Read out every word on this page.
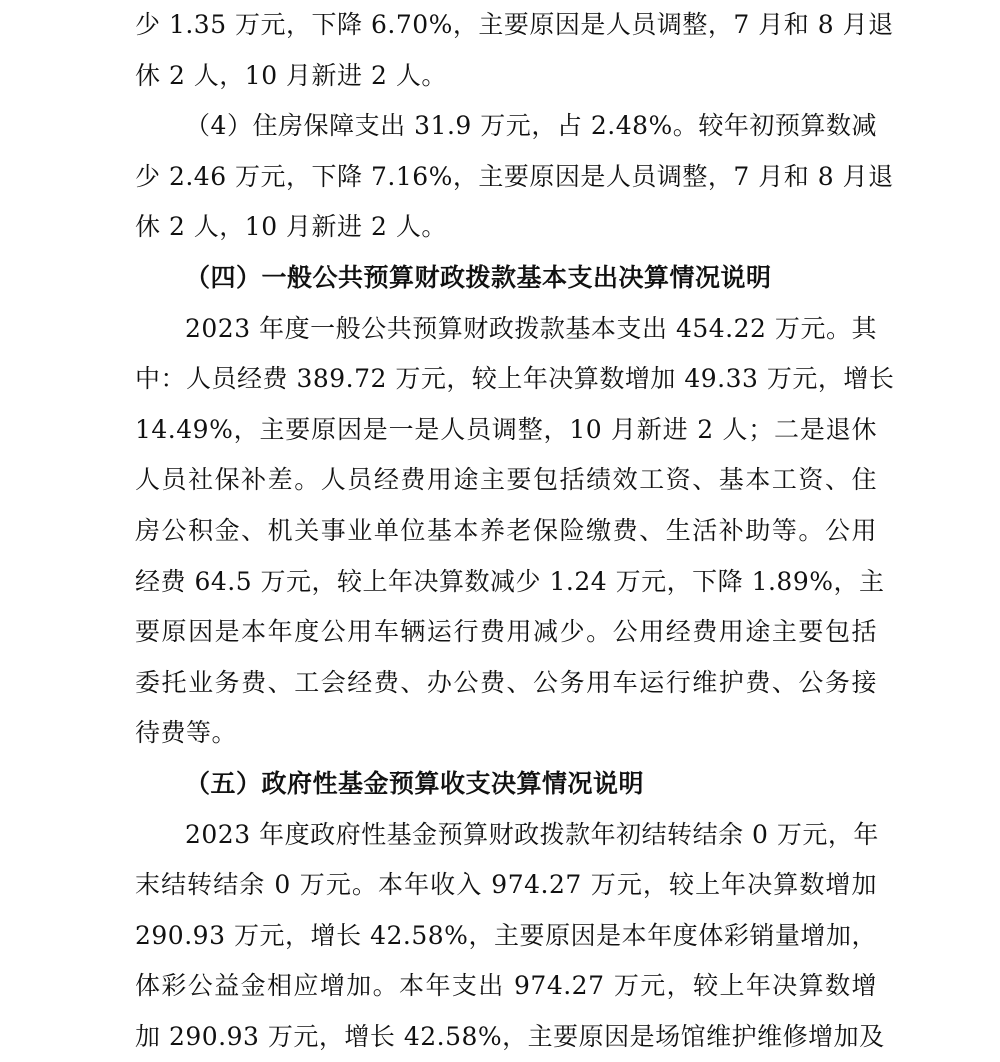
少 1.35 万元，下降 6.70%，主要原因是人员调整，7 月和 8 月退
休 2 人，10 月新进 2 人。
（4）住房保障支出 31.9 万元，占 2.48%。较年初预算数减
少 2.46 万元，下降 7.16%，主要原因是人员调整，7 月和 8 月退
休 2 人，10 月新进 2 人。
（四）一般公共预算财政拨款基本支出决算情况说明
2023 年度一般公共预算财政拨款基本支出 454.22 万元。其
中：人员经费 389.72 万元，较上年决算数增加 49.33 万元，增长
14.49%，主要原因是一是人员调整，10 月新进 2 人；二是退休
人员社保补差。人员经费用途主要包括绩效工资、基本工资、住
房公积金、机关事业单位基本养老保险缴费、生活补助等。公用
经费 64.5 万元，较上年决算数减少 1.24 万元，下降 1.89%，主
要原因是本年度公用车辆运行费用减少。公用经费用途主要包括
委托业务费、工会经费、办公费、公务用车运行维护费、公务接
待费等。
（五）政府性基金预算收支决算情况说明
2023 年度政府性基金预算财政拨款年初结转结余 0 万元，年
末结转结余 0 万元。本年收入 974.27 万元，较上年决算数增加
290.93 万元，增长 42.58%，主要原因是本年度体彩销量增加，
体彩公益金相应增加。本年支出 974.27 万元，较上年决算数增
加 290.93 万元，增长 42.58%，主要原因是场馆维护维修增加及
